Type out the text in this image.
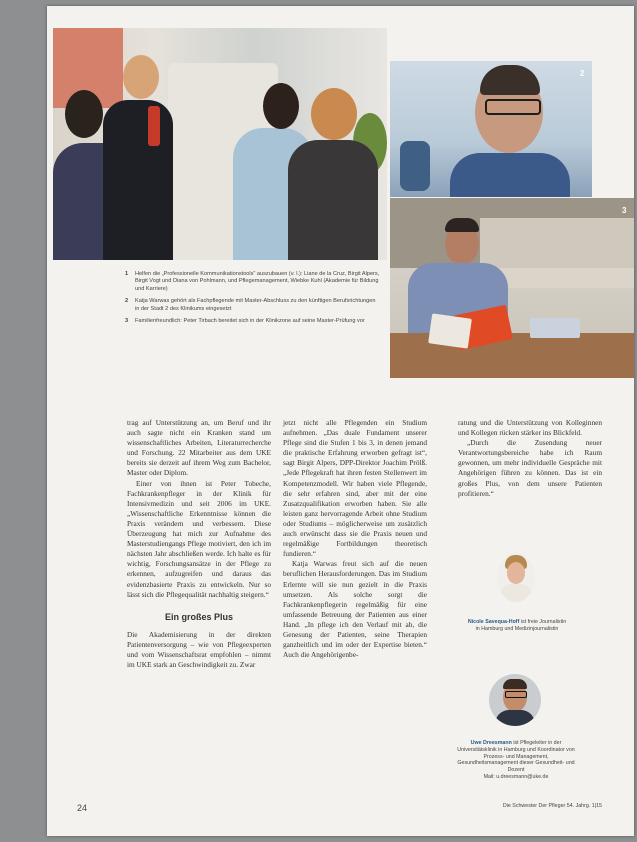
2
3
1	Helfen die „Professionelle Kommunikationstools“ auszubauen (v. l.): Liane de la Cruz, Birgit Alpers, Birgit Vogt und Diana von Pohlmann, und Pflegemanagement, Wiebke Kuhl (Akademie für Bildung und Karriere)
2	Katja Warwas gehört als Fachpflegende mit Master-Abschluss zu den künftigen Berufsrichtungen in der Stadt 2 des Klinikums eingesetzt
3	Familienfreundlich: Peter Tirbach bereitet sich in der Klinikzone auf seine Master-Prüfung vor

trag auf Unterstützung an, um Beruf und ihr auch sagte nicht ein Kranken stand um wissenschaftliches Arbeiten, Literaturrecherche und Forschung. 22 Mitarbeiter aus dem UKE bereits sie derzeit auf ihrem Weg zum Bachelor, Master oder Diplom.

Einer von ihnen ist Peter Tobeche, Fachkrankenpfleger in der Klinik für Intensivmedizin und seit 2006 im UKE. „Wissenschaftliche Erkenntnisse können die Praxis verändern und verbessern. Diese Überzeugung hat mich zur Aufnahme des Masterstudiengangs Pflege motiviert, den ich im nächsten Jahr abschließen werde. Ich halte es für wichtig, Forschungsansätze in der Pflege zu erkennen, aufzugreifen und daraus das evidenzbasierte Praxis zu entwickeln. Nur so lässt sich die Pflegequalität nachhaltig steigern.“

Ein großes Plus

Die Akademisierung in der direkten Patientenversorgung – wie von Pflegeexperten und vom Wissenschaftsrat empfohlen – nimmt im UKE stark an Geschwindigkeit zu. Zwar

jetzt nicht alle Pflegenden ein Studium aufnehmen. „Das duale Fundament unserer Pflege sind die Stufen 1 bis 3, in denen jemand die praktische Erfahrung erworben gefragt ist“, sagt Birgit Alpers, DPP-Direktor Joachim Prölß. „Jede Pflegekraft hat ihren festen Stellenwert im Kompetenzmodell. Wir haben viele Pflegende, die sehr erfahren sind, aber mit der eine Zusatzqualifikation erworben haben. Sie alle leisten ganz hervorragende Arbeit ohne Studium oder Studiums – möglicherweise um zusätzlich auch erwünscht dass sie die Praxis neuen und regelmäßige Fortbildungen theoretisch fundieren.“

Katja Warwas freut sich auf die neuen beruflichen Herausforderungen. Das im Studium Erlernte will sie nun gezielt in die Praxis umsetzen. Als solche sorgt die Fachkrankenpflegerin regelmäßig für eine umfassende Betreuung der Patienten aus einer Hand. „In pflege ich den Verlauf mit ab, die Genesung der Patienten, seine Therapien ganzheitlich und im oder der Expertise bieten.“ Auch die Angehörigenbe-

ratung und die Unterstützung von Kolleginnen und Kollegen rücken stärker ins Blickfeld.

„Durch die Zusendung neuer Verantwortungsbereiche habe ich Raum gewonnen, um mehr individuelle Gespräche mit Angehörigen führen zu können. Das ist ein großes Plus, von dem unsere Patienten profitieren.“

Nicole Savequa-Hoff ist freie Journalistin in Hamburg und Medizinjournalistin
Uwe Dreesmann ist Pflegeleiter in der Universitätsklinik in Hamburg und Koordinator von Prozess- und Management, Gesundheitsmanagement dieser Gesundheit- und Dozent
Mail: u.dreesmann@uke.de
24	Die Schwester Der Pfleger 54. Jahrg. 1|15
